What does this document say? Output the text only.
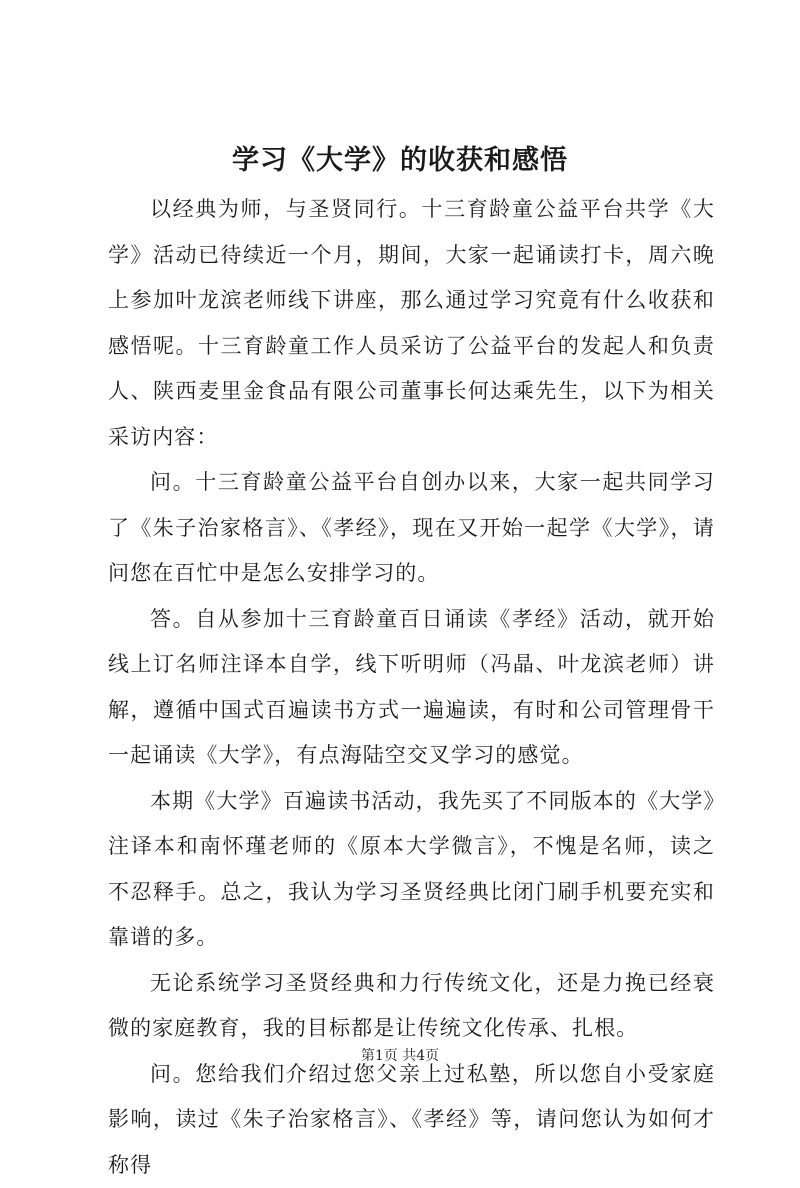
学习《大学》的收获和感悟

以经典为师，与圣贤同行。十三育龄童公益平台共学《大学》活动已待续近一个月，期间，大家一起诵读打卡，周六晚上参加叶龙滨老师线下讲座，那么通过学习究竟有什么收获和感悟呢。十三育龄童工作人员采访了公益平台的发起人和负责人、陕西麦里金食品有限公司董事长何达乘先生，以下为相关采访内容：

问。十三育龄童公益平台自创办以来，大家一起共同学习了《朱子治家格言》、《孝经》，现在又开始一起学《大学》，请问您在百忙中是怎么安排学习的。

答。自从参加十三育龄童百日诵读《孝经》活动，就开始线上订名师注译本自学，线下听明师（冯晶、叶龙滨老师）讲解，遵循中国式百遍读书方式一遍遍读，有时和公司管理骨干一起诵读《大学》，有点海陆空交叉学习的感觉。

本期《大学》百遍读书活动，我先买了不同版本的《大学》注译本和南怀瑾老师的《原本大学微言》，不愧是名师，读之不忍释手。总之，我认为学习圣贤经典比闭门刷手机要充实和靠谱的多。

无论系统学习圣贤经典和力行传统文化，还是力挽已经衰微的家庭教育，我的目标都是让传统文化传承、扎根。

问。您给我们介绍过您父亲上过私塾，所以您自小受家庭影响，读过《朱子治家格言》、《孝经》等，请问您认为如何才称得

第1页 共4页
